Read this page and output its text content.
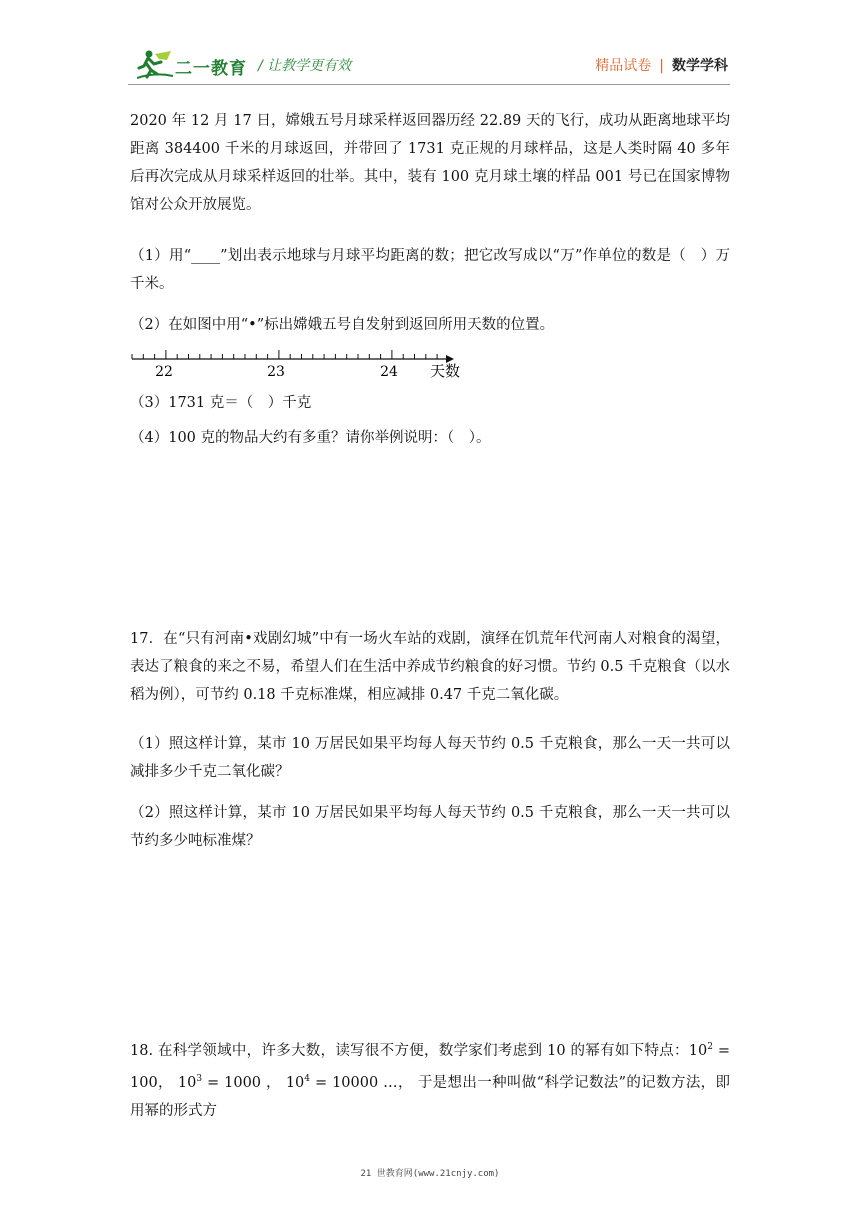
二一教育 / 让教学更有效	精品试卷 | 数学学科

2020 年 12 月 17 日，嫦娥五号月球采样返回器历经 22.89 天的飞行，成功从距离地球平均距离 384400 千米的月球返回，并带回了 1731 克正规的月球样品，这是人类时隔 40 多年后再次完成从月球采样返回的壮举。其中，装有 100 克月球土壤的样品 001 号已在国家博物馆对公众开放展览。

（1）用“____”划出表示地球与月球平均距离的数；把它改写成以“万”作单位的数是（　）万千米。

（2）在如图中用“•”标出嫦娥五号自发射到返回所用天数的位置。

22	23	24 天数

（3）1731 克＝（　）千克

（4）100 克的物品大约有多重？请你举例说明：（　）。

17．在“只有河南•戏剧幻城”中有一场火车站的戏剧，演绎在饥荒年代河南人对粮食的渴望，表达了粮食的来之不易，希望人们在生活中养成节约粮食的好习惯。节约 0.5 千克粮食（以水稻为例），可节约 0.18 千克标准煤，相应减排 0.47 千克二氧化碳。

（1）照这样计算，某市 10 万居民如果平均每人每天节约 0.5 千克粮食，那么一天一共可以减排多少千克二氧化碳？

（2）照这样计算，某市 10 万居民如果平均每人每天节约 0.5 千克粮食，那么一天一共可以节约多少吨标准煤？

18. 在科学领域中，许多大数，读写很不方便，数学家们考虑到 10 的幂有如下特点：$10^2 = 100$， $10^3 = 1000$ ， $10^4 = 10000$ …， 于是想出一种叫做“科学记数法”的记数方法，即用幂的形式方

21 世教育网(www.21cnjy.com)
